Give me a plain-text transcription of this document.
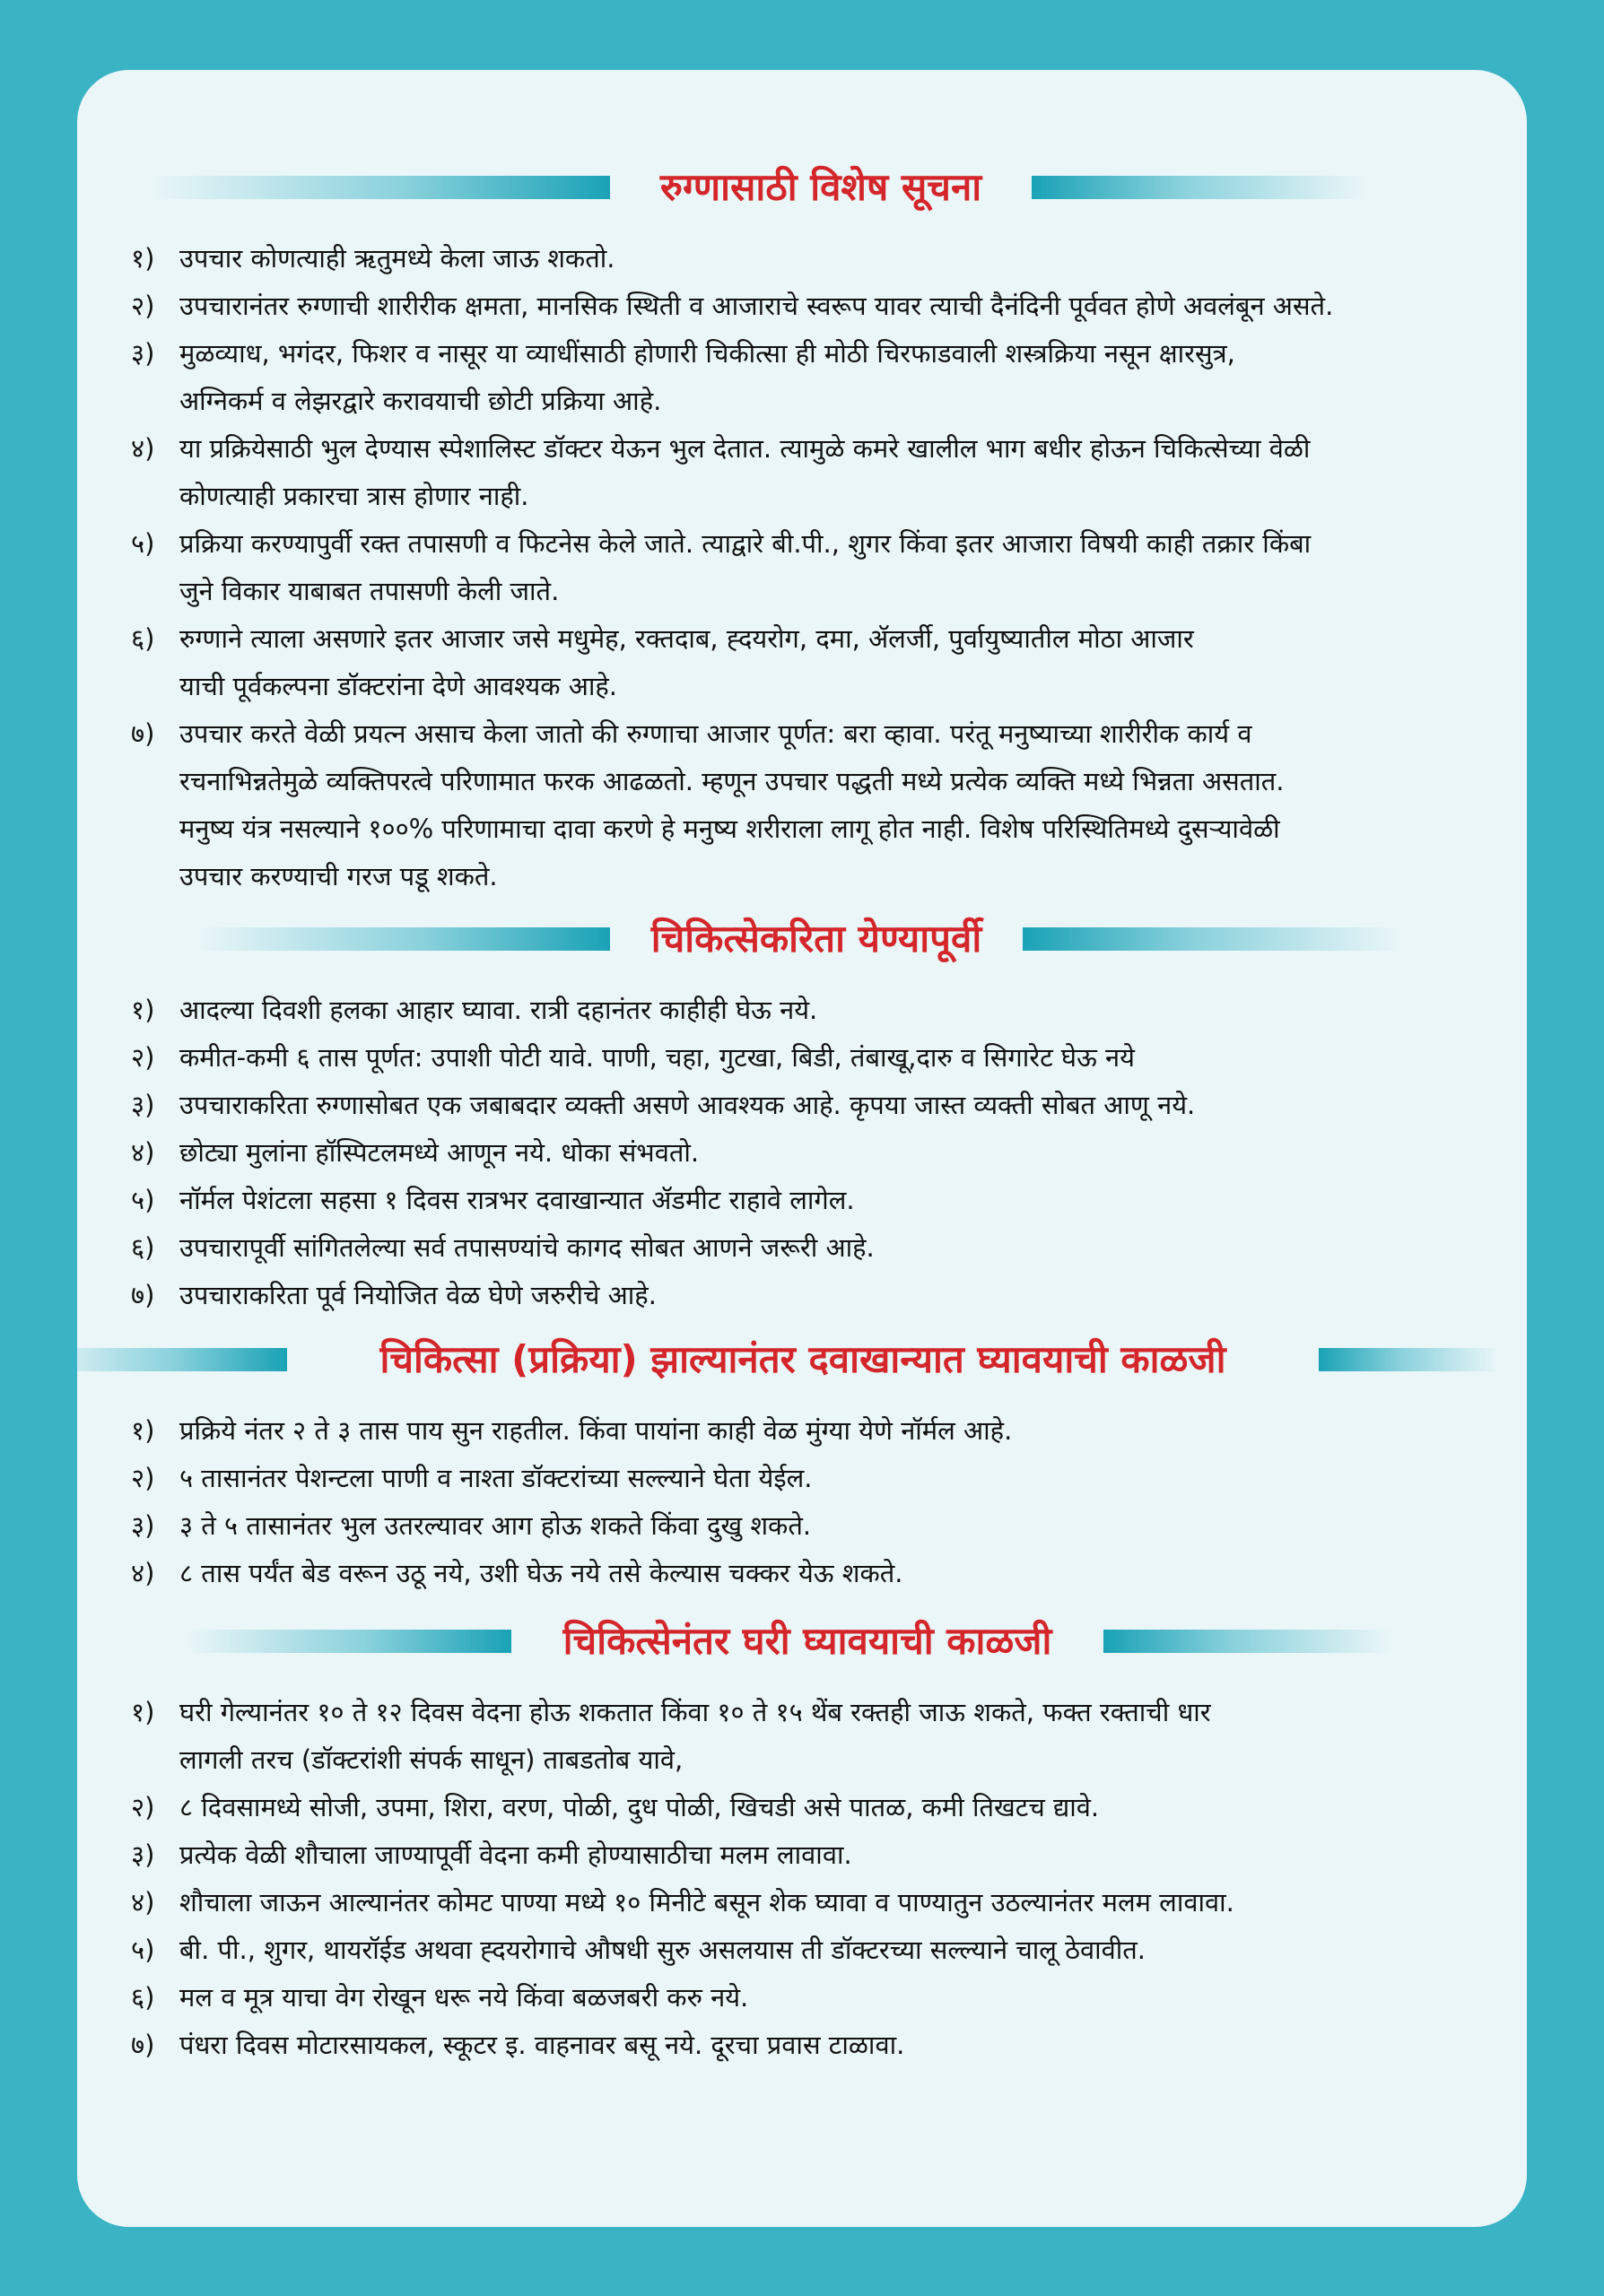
रुग्णासाठी विशेष सूचना
१) उपचार कोणत्याही ऋतुमध्ये केला जाऊ शकतो.
२) उपचारानंतर रुग्णाची शारीरीक क्षमता, मानसिक स्थिती व आजाराचे स्वरूप यावर त्याची दैनंदिनी पूर्ववत होणे अवलंबून असते.
३) मुळव्याध, भगंदर, फिशर व नासूर या व्याधींसाठी होणारी चिकीत्सा ही मोठी चिरफाडवाली शस्त्रक्रिया नसून क्षारसुत्र,
अग्निकर्म व लेझरद्वारे करावयाची छोटी प्रक्रिया आहे.
४) या प्रक्रियेसाठी भुल देण्यास स्पेशालिस्ट डॉक्टर येऊन भुल देतात. त्यामुळे कमरे खालील भाग बधीर होऊन चिकित्सेच्या वेळी
कोणत्याही प्रकारचा त्रास होणार नाही.
५) प्रक्रिया करण्यापुर्वी रक्त तपासणी व फिटनेस केले जाते. त्याद्वारे बी.पी., शुगर किंवा इतर आजारा विषयी काही तक्रार किंबा
जुने विकार याबाबत तपासणी केली जाते.
६) रुग्णाने त्याला असणारे इतर आजार जसे मधुमेह, रक्तदाब, ह्दयरोग, दमा, ॲलर्जी, पुर्वायुष्यातील मोठा आजार
याची पूर्वकल्पना डॉक्टरांना देणे आवश्यक आहे.
७) उपचार करते वेळी प्रयत्न असाच केला जातो की रुग्णाचा आजार पूर्णत: बरा व्हावा. परंतू मनुष्याच्या शारीरीक कार्य व
रचनाभिन्नतेमुळे व्यक्तिपरत्वे परिणामात फरक आढळतो. म्हणून उपचार पद्धती मध्ये प्रत्येक व्यक्ति मध्ये भिन्नता असतात.
मनुष्य यंत्र नसल्याने १००% परिणामाचा दावा करणे हे मनुष्य शरीराला लागू होत नाही. विशेष परिस्थितिमध्ये दुसऱ्यावेळी
उपचार करण्याची गरज पडू शकते.
चिकित्सेकरिता येण्यापूर्वी
१) आदल्या दिवशी हलका आहार घ्यावा. रात्री दहानंतर काहीही घेऊ नये.
२) कमीत-कमी ६ तास पूर्णत: उपाशी पोटी यावे. पाणी, चहा, गुटखा, बिडी, तंबाखू,दारु व सिगारेट घेऊ नये
३) उपचाराकरिता रुग्णासोबत एक जबाबदार व्यक्ती असणे आवश्यक आहे. कृपया जास्त व्यक्ती सोबत आणू नये.
४) छोट्या मुलांना हॉस्पिटलमध्ये आणून नये. धोका संभवतो.
५) नॉर्मल पेशंटला सहसा १ दिवस रात्रभर दवाखान्यात ॲडमीट राहावे लागेल.
६) उपचारापूर्वी सांगितलेल्या सर्व तपासण्यांचे कागद सोबत आणने जरूरी आहे.
७) उपचाराकरिता पूर्व नियोजित वेळ घेणे जरुरीचे आहे.
चिकित्सा (प्रक्रिया) झाल्यानंतर दवाखान्यात घ्यावयाची काळजी
१) प्रक्रिये नंतर २ ते ३ तास पाय सुन राहतील. किंवा पायांना काही वेळ मुंग्या येणे नॉर्मल आहे.
२) ५ तासानंतर पेशन्टला पाणी व नाश्ता डॉक्टरांच्या सल्ल्याने घेता येईल.
३) ३ ते ५ तासानंतर भुल उतरल्यावर आग होऊ शकते किंवा दुखु शकते.
४) ८ तास पर्यंत बेड वरून उठू नये, उशी घेऊ नये तसे केल्यास चक्कर येऊ शकते.
चिकित्सेनंतर घरी घ्यावयाची काळजी
१) घरी गेल्यानंतर १० ते १२ दिवस वेदना होऊ शकतात किंवा १० ते १५ थेंब रक्तही जाऊ शकते, फक्त रक्ताची धार
लागली तरच (डॉक्टरांशी संपर्क साधून) ताबडतोब यावे,
२) ८ दिवसामध्ये सोजी, उपमा, शिरा, वरण, पोळी, दुध पोळी, खिचडी असे पातळ, कमी तिखटच द्यावे.
३) प्रत्येक वेळी शौचाला जाण्यापूर्वी वेदना कमी होण्यासाठीचा मलम लावावा.
४) शौचाला जाऊन आल्यानंतर कोमट पाण्या मध्ये १० मिनीटे बसून शेक घ्यावा व पाण्यातुन उठल्यानंतर मलम लावावा.
५) बी. पी., शुगर, थायरॉईड अथवा ह्दयरोगाचे औषधी सुरु असलयास ती डॉक्टरच्या सल्ल्याने चालू ठेवावीत.
६) मल व मूत्र याचा वेग रोखून धरू नये किंवा बळजबरी करु नये.
७) पंधरा दिवस मोटारसायकल, स्कूटर इ. वाहनावर बसू नये. दूरचा प्रवास टाळावा.
